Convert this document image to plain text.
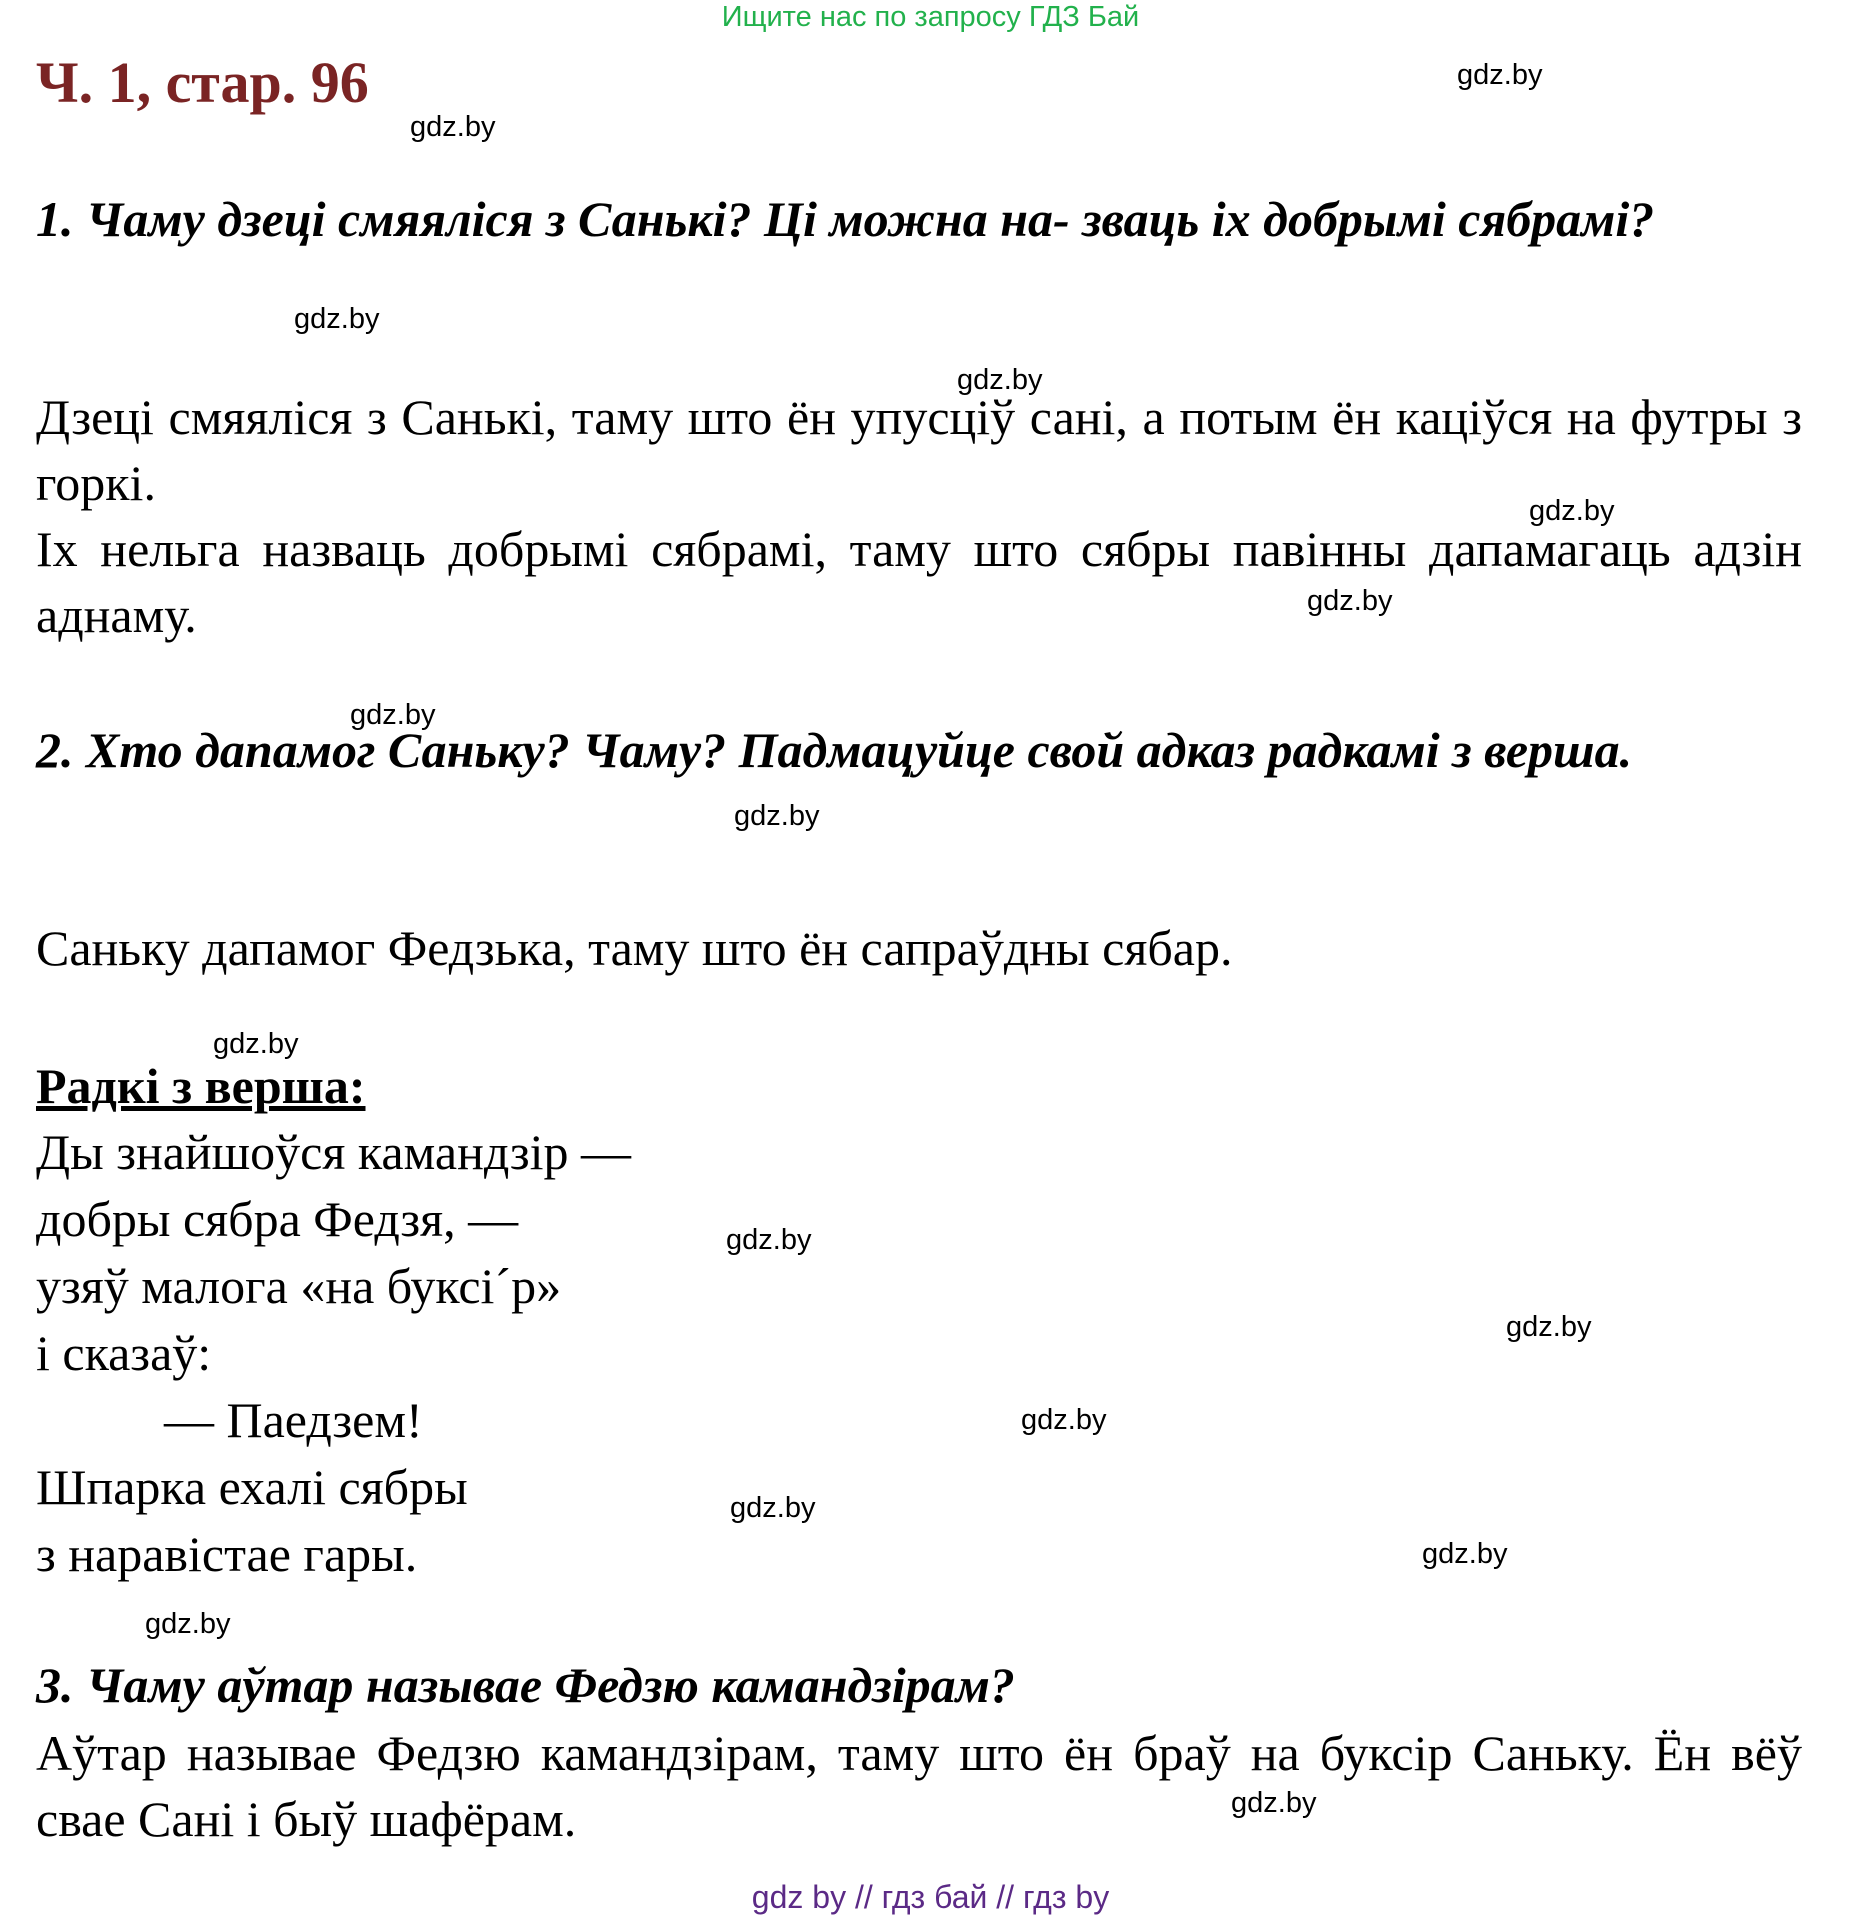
Ищите нас по запросу ГДЗ Бай
Ч. 1, стар. 96
1. Чаму дзеці смяяліся з Санькі? Ці можна на- зваць іх добрымі сябрамі?

Дзеці смяяліся з Санькі, таму што ён упусціў сані, а потым ён каціўся на футры з горкі.

Іх нельга назваць добрымі сябрамі, таму што сябры павінны дапамагаць адзін аднаму.

2. Хто дапамог Саньку? Чаму? Падмацуйце свой адказ радкамі з верша.
Саньку дапамог Федзька, таму што ён сапраўдны сябар.
Радкі з верша:
Ды знайшоўся камандзір —
добры сябра Федзя, —
узяў малога «на буксі´р»
і сказаў:
— Паедзем!
Шпарка ехалі сябры
з наравістае гары.
3. Чаму аўтар называе Федзю камандзірам?
Аўтар называе Федзю камандзірам, таму што ён браў на буксір Саньку. Ён вёў свае Сані і быў шафёрам.
gdz.by
gdz.by
gdz.by
gdz.by
gdz.by
gdz.by
gdz.by
gdz.by
gdz.by
gdz.by
gdz.by
gdz.by
gdz.by
gdz.by
gdz.by
gdz.by
gdz by // гдз бай // гдз by
